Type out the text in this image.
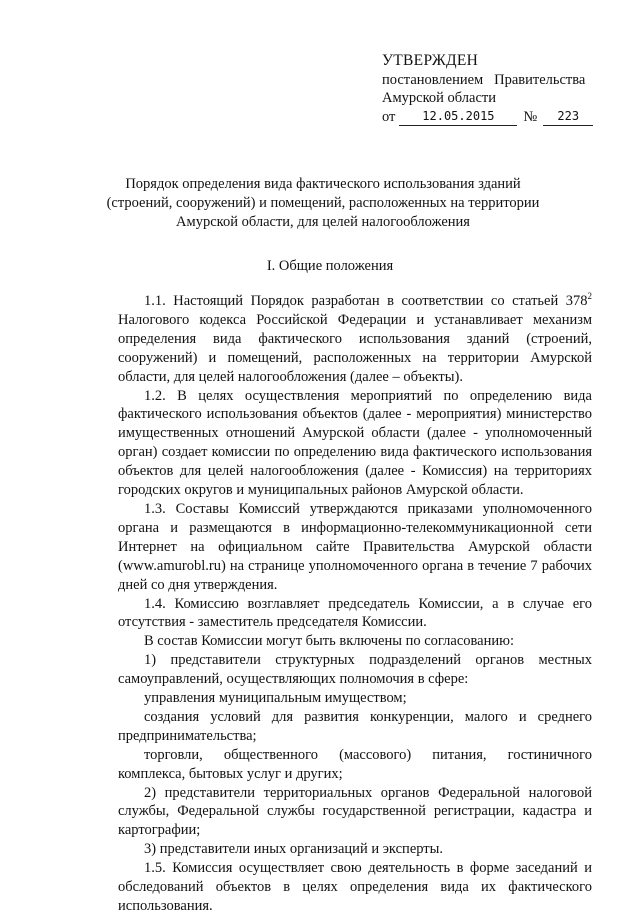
УТВЕРЖДЕН
постановлением   Правительства
Амурской области
от	12.05.2015	№	223
Порядок определения вида фактического использования зданий (строений, сооружений) и помещений, расположенных на территории Амурской области, для целей налогообложения
I. Общие положения

1.1. Настоящий Порядок разработан в соответствии со статьей $378^2$ Налогового кодекса Российской Федерации и устанавливает механизм определения вида фактического использования зданий (строений, сооружений) и помещений, расположенных на территории Амурской области, для целей налогообложения (далее – объекты).

1.2. В целях осуществления мероприятий по определению вида фактического использования объектов (далее - мероприятия) министерство имущественных отношений Амурской области (далее - уполномоченный орган) создает комиссии по определению вида фактического использования объектов для целей налогообложения (далее - Комиссия) на территориях городских округов и муниципальных районов Амурской области.

1.3. Составы Комиссий утверждаются приказами уполномоченного органа и размещаются в информационно-телекоммуникационной сети Интернет на официальном сайте Правительства Амурской области (www.amurobl.ru) на странице уполномоченного органа в течение 7 рабочих дней со дня утверждения.

1.4. Комиссию возглавляет председатель Комиссии, а в случае его отсутствия - заместитель председателя Комиссии.

В состав Комиссии могут быть включены по согласованию:

1) представители структурных подразделений органов местных самоуправлений, осуществляющих полномочия в сфере:

управления муниципальным имуществом;

создания условий для развития конкуренции, малого и среднего предпринимательства;

торговли, общественного (массового) питания, гостиничного комплекса, бытовых услуг и других;

2) представители территориальных органов Федеральной налоговой службы, Федеральной службы государственной регистрации, кадастра и картографии;

3) представители иных организаций и эксперты.

1.5. Комиссия осуществляет свою деятельность в форме заседаний и обследований объектов в целях определения вида их фактического использования.
